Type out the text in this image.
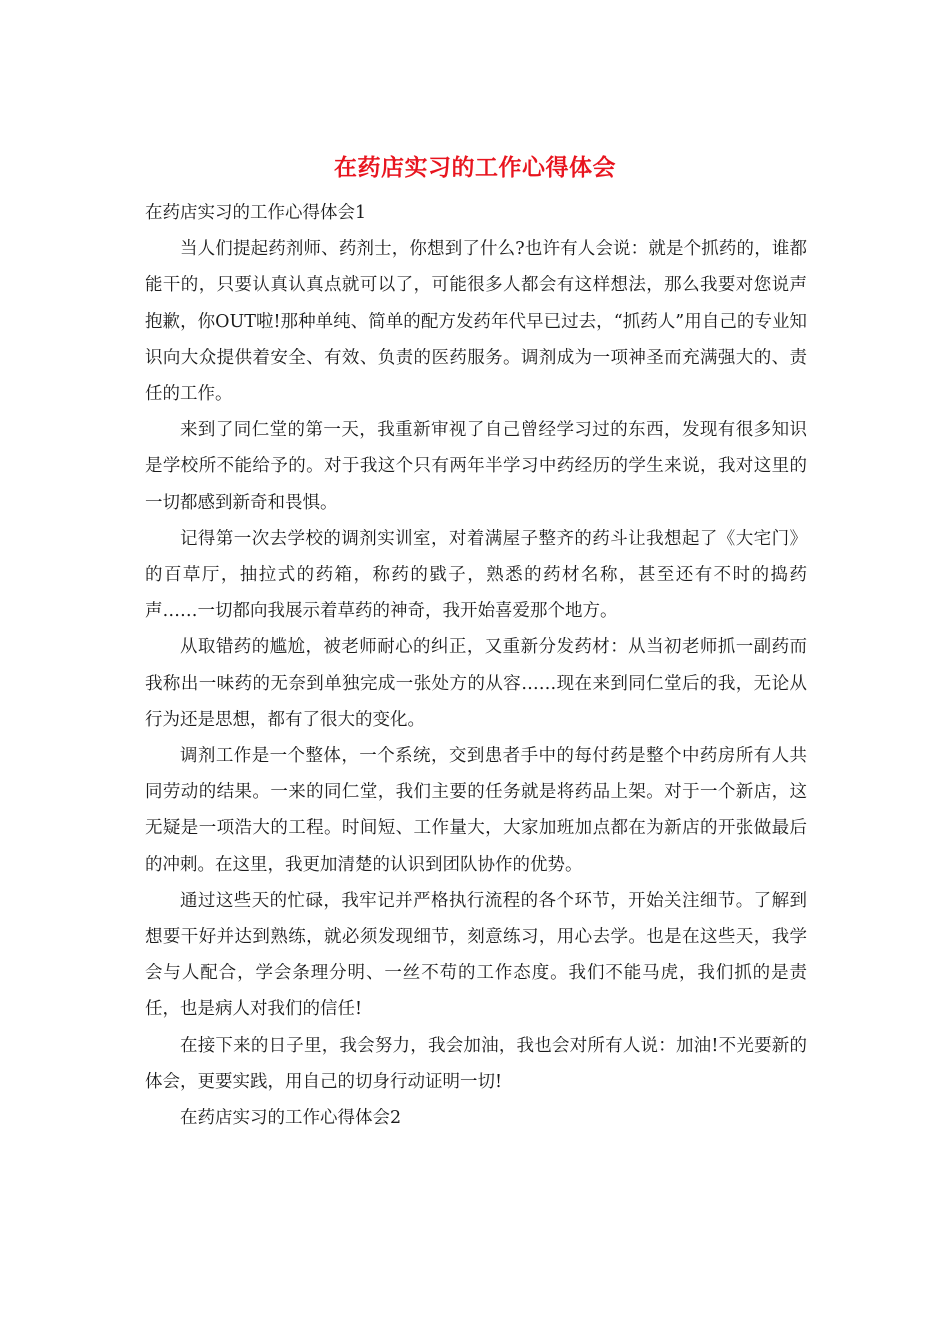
在药店实习的工作心得体会

在药店实习的工作心得体会1

当人们提起药剂师、药剂士，你想到了什么?也许有人会说：就是个抓药的，谁都能干的，只要认真认真点就可以了，可能很多人都会有这样想法，那么我要对您说声抱歉，你OUT啦!那种单纯、简单的配方发药年代早已过去，“抓药人”用自己的专业知识向大众提供着安全、有效、负责的医药服务。调剂成为一项神圣而充满强大的、责任的工作。

来到了同仁堂的第一天，我重新审视了自己曾经学习过的东西，发现有很多知识是学校所不能给予的。对于我这个只有两年半学习中药经历的学生来说，我对这里的一切都感到新奇和畏惧。

记得第一次去学校的调剂实训室，对着满屋子整齐的药斗让我想起了《大宅门》的百草厅，抽拉式的药箱，称药的戥子，熟悉的药材名称，甚至还有不时的捣药声……一切都向我展示着草药的神奇，我开始喜爱那个地方。

从取错药的尴尬，被老师耐心的纠正，又重新分发药材：从当初老师抓一副药而我称出一味药的无奈到单独完成一张处方的从容……现在来到同仁堂后的我，无论从行为还是思想，都有了很大的变化。

调剂工作是一个整体，一个系统，交到患者手中的每付药是整个中药房所有人共同劳动的结果。一来的同仁堂，我们主要的任务就是将药品上架。对于一个新店，这无疑是一项浩大的工程。时间短、工作量大，大家加班加点都在为新店的开张做最后的冲刺。在这里，我更加清楚的认识到团队协作的优势。

通过这些天的忙碌，我牢记并严格执行流程的各个环节，开始关注细节。了解到想要干好并达到熟练，就必须发现细节，刻意练习，用心去学。也是在这些天，我学会与人配合，学会条理分明、一丝不苟的工作态度。我们不能马虎，我们抓的是责任，也是病人对我们的信任!

在接下来的日子里，我会努力，我会加油，我也会对所有人说：加油!不光要新的体会，更要实践，用自己的切身行动证明一切!

在药店实习的工作心得体会2
